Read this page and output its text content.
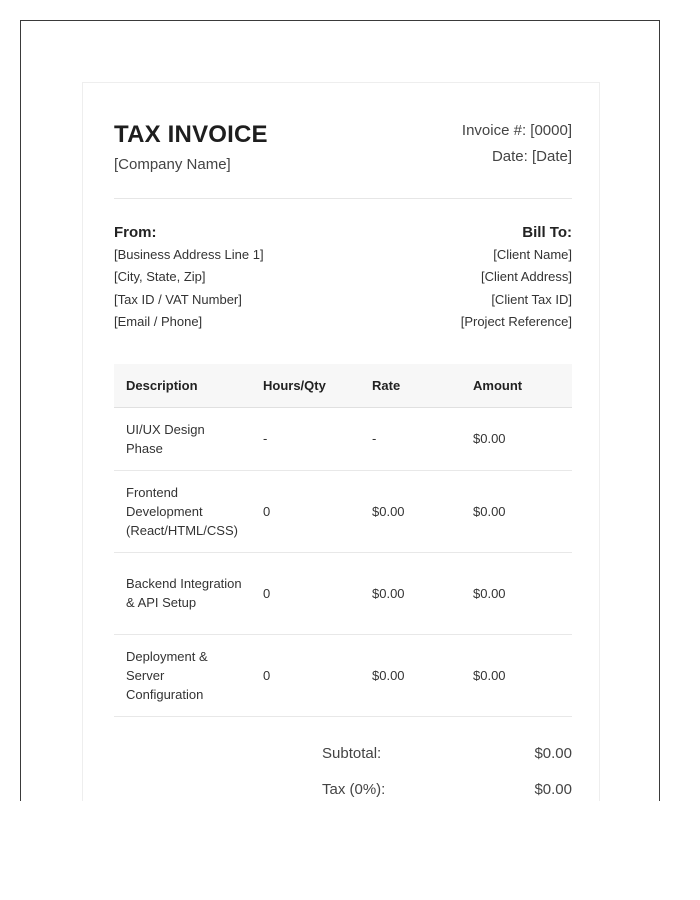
TAX INVOICE
[Company Name]
Invoice #: [0000]
Date: [Date]
From:
[Business Address Line 1]
[City, State, Zip]
[Tax ID / VAT Number]
[Email / Phone]
Bill To:
[Client Name]
[Client Address]
[Client Tax ID]
[Project Reference]
Description	Hours/Qty	Rate	Amount
UI/UX Design Phase	-	-	$0.00
Frontend Development (React/HTML/CSS)	0	$0.00	$0.00
Backend Integration & API Setup	0	$0.00	$0.00
Deployment & Server Configuration	0	$0.00	$0.00
Subtotal:	$0.00
Tax (0%):	$0.00
